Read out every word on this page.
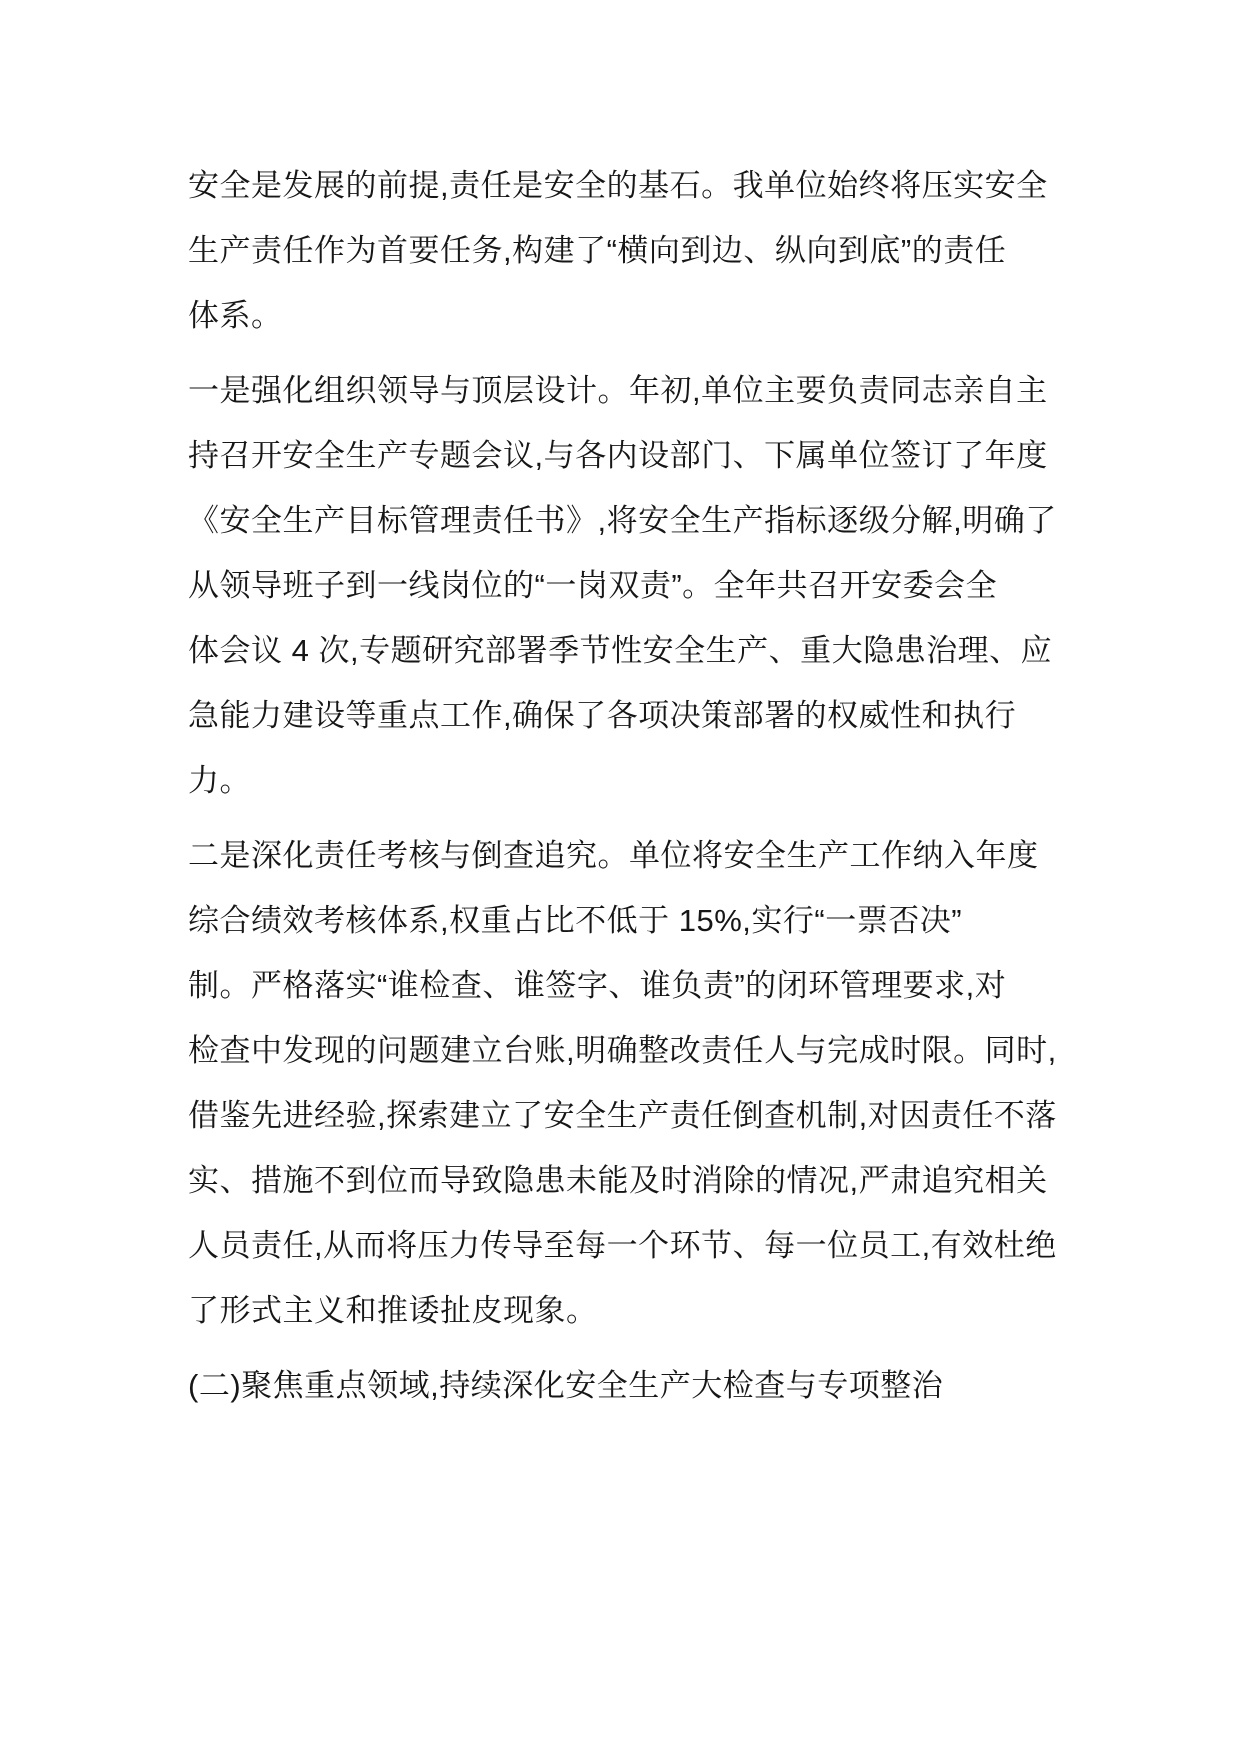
安全是发展的前提,责任是安全的基石。我单位始终将压实安全
生产责任作为首要任务,构建了“横向到边、纵向到底”的责任
体系。
一是强化组织领导与顶层设计。年初,单位主要负责同志亲自主
持召开安全生产专题会议,与各内设部门、下属单位签订了年度
《安全生产目标管理责任书》,将安全生产指标逐级分解,明确了
从领导班子到一线岗位的“一岗双责”。全年共召开安委会全
体会议 4 次,专题研究部署季节性安全生产、重大隐患治理、应
急能力建设等重点工作,确保了各项决策部署的权威性和执行
力。
二是深化责任考核与倒查追究。单位将安全生产工作纳入年度
综合绩效考核体系,权重占比不低于 15%,实行“一票否决”
制。严格落实“谁检查、谁签字、谁负责”的闭环管理要求,对
检查中发现的问题建立台账,明确整改责任人与完成时限。同时,
借鉴先进经验,探索建立了安全生产责任倒查机制,对因责任不落
实、措施不到位而导致隐患未能及时消除的情况,严肃追究相关
人员责任,从而将压力传导至每一个环节、每一位员工,有效杜绝
了形式主义和推诿扯皮现象。
(二)聚焦重点领域,持续深化安全生产大检查与专项整治
